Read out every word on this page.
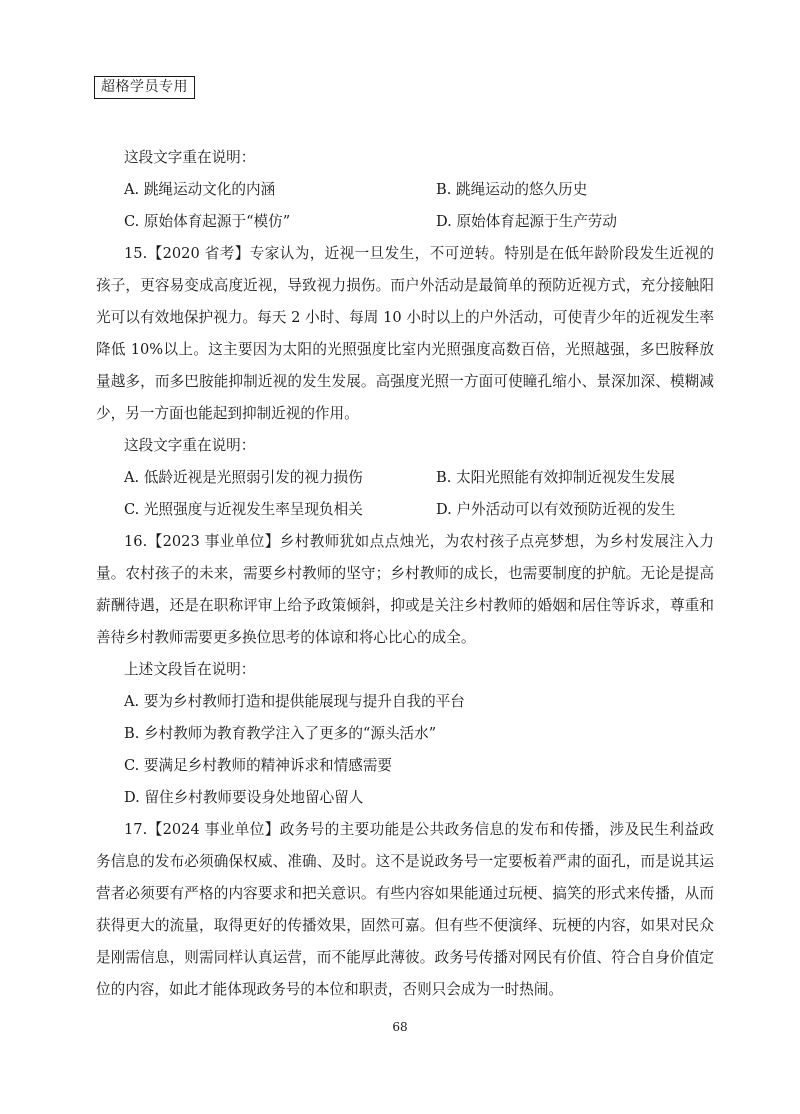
超格学员专用

这段文字重在说明：

A. 跳绳运动文化的内涵	B. 跳绳运动的悠久历史
C. 原始体育起源于“模仿”	D. 原始体育起源于生产劳动

15.【2020 省考】专家认为，近视一旦发生，不可逆转。特别是在低年龄阶段发生近视的孩子，更容易变成高度近视，导致视力损伤。而户外活动是最简单的预防近视方式，充分接触阳光可以有效地保护视力。每天 2 小时、每周 10 小时以上的户外活动，可使青少年的近视发生率降低 10%以上。这主要因为太阳的光照强度比室内光照强度高数百倍，光照越强，多巴胺释放量越多，而多巴胺能抑制近视的发生发展。高强度光照一方面可使瞳孔缩小、景深加深、模糊减少，另一方面也能起到抑制近视的作用。

这段文字重在说明：

A. 低龄近视是光照弱引发的视力损伤	B. 太阳光照能有效抑制近视发生发展
C. 光照强度与近视发生率呈现负相关	D. 户外活动可以有效预防近视的发生

16.【2023 事业单位】乡村教师犹如点点烛光，为农村孩子点亮梦想，为乡村发展注入力量。农村孩子的未来，需要乡村教师的坚守；乡村教师的成长，也需要制度的护航。无论是提高薪酬待遇，还是在职称评审上给予政策倾斜，抑或是关注乡村教师的婚姻和居住等诉求，尊重和善待乡村教师需要更多换位思考的体谅和将心比心的成全。

上述文段旨在说明：

A. 要为乡村教师打造和提供能展现与提升自我的平台

B. 乡村教师为教育教学注入了更多的“源头活水”

C. 要满足乡村教师的精神诉求和情感需要

D. 留住乡村教师要设身处地留心留人

17.【2024 事业单位】政务号的主要功能是公共政务信息的发布和传播，涉及民生利益政务信息的发布必须确保权威、准确、及时。这不是说政务号一定要板着严肃的面孔，而是说其运营者必须要有严格的内容要求和把关意识。有些内容如果能通过玩梗、搞笑的形式来传播，从而获得更大的流量，取得更好的传播效果，固然可嘉。但有些不便演绎、玩梗的内容，如果对民众是刚需信息，则需同样认真运营，而不能厚此薄彼。政务号传播对网民有价值、符合自身价值定位的内容，如此才能体现政务号的本位和职责，否则只会成为一时热闹。

68
